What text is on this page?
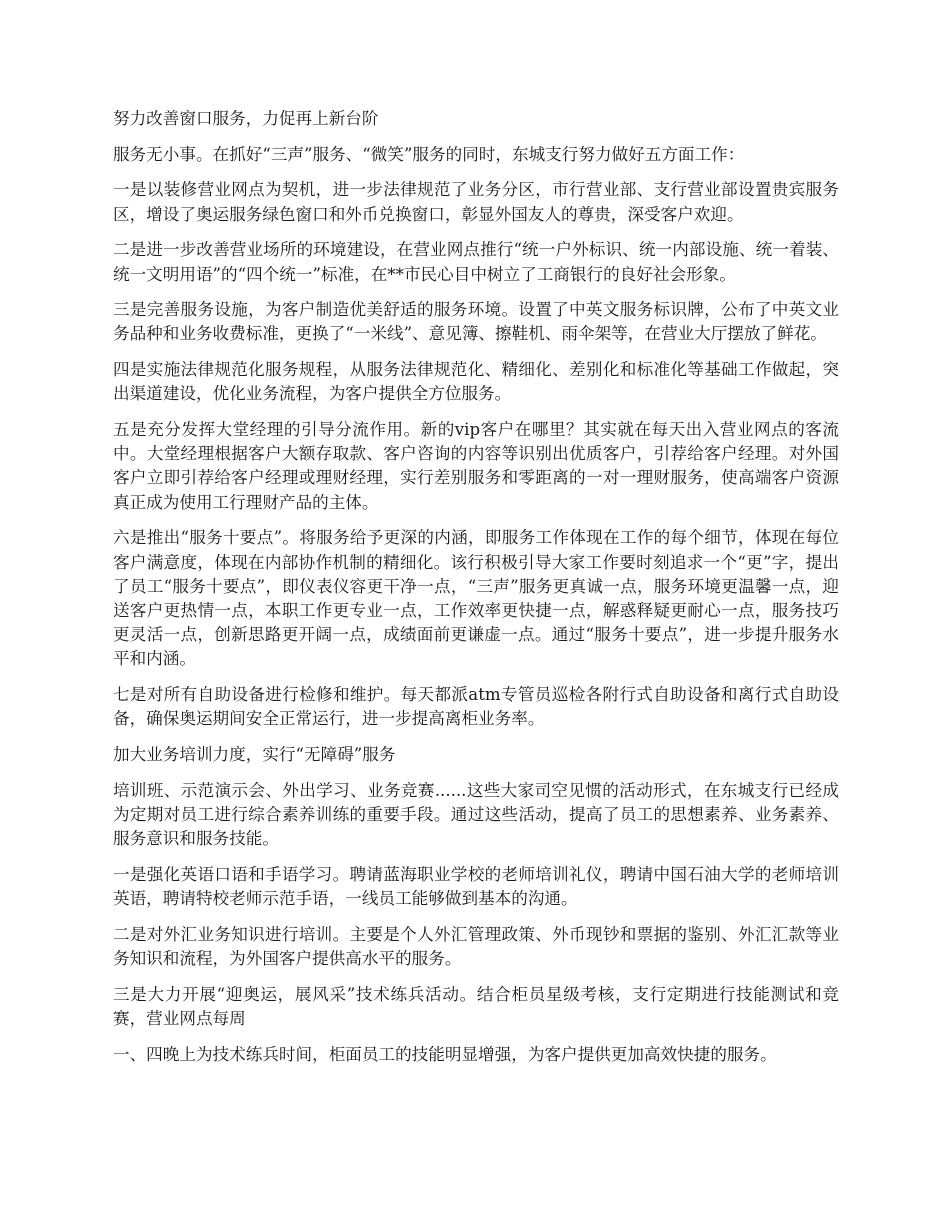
努力改善窗口服务，力促再上新台阶

服务无小事。在抓好“三声”服务、“微笑”服务的同时，东城支行努力做好五方面工作：

一是以装修营业网点为契机，进一步法律规范了业务分区，市行营业部、支行营业部设置贵宾服务区，增设了奥运服务绿色窗口和外币兑换窗口，彰显外国友人的尊贵，深受客户欢迎。

二是进一步改善营业场所的环境建设，在营业网点推行“统一户外标识、统一内部设施、统一着装、统一文明用语”的“四个统一”标准，在**市民心目中树立了工商银行的良好社会形象。

三是完善服务设施，为客户制造优美舒适的服务环境。设置了中英文服务标识牌，公布了中英文业务品种和业务收费标准，更换了“一米线”、意见簿、擦鞋机、雨伞架等，在营业大厅摆放了鲜花。

四是实施法律规范化服务规程，从服务法律规范化、精细化、差别化和标准化等基础工作做起，突出渠道建设，优化业务流程，为客户提供全方位服务。

五是充分发挥大堂经理的引导分流作用。新的vip客户在哪里？其实就在每天出入营业网点的客流中。大堂经理根据客户大额存取款、客户咨询的内容等识别出优质客户，引荐给客户经理。对外国客户立即引荐给客户经理或理财经理，实行差别服务和零距离的一对一理财服务，使高端客户资源真正成为使用工行理财产品的主体。

六是推出“服务十要点”。将服务给予更深的内涵，即服务工作体现在工作的每个细节，体现在每位客户满意度，体现在内部协作机制的精细化。该行积极引导大家工作要时刻追求一个“更”字，提出了员工“服务十要点”，即仪表仪容更干净一点，“三声”服务更真诚一点，服务环境更温馨一点，迎送客户更热情一点，本职工作更专业一点，工作效率更快捷一点，解惑释疑更耐心一点，服务技巧更灵活一点，创新思路更开阔一点，成绩面前更谦虚一点。通过“服务十要点”，进一步提升服务水平和内涵。

七是对所有自助设备进行检修和维护。每天都派atm专管员巡检各附行式自助设备和离行式自助设备，确保奥运期间安全正常运行，进一步提高离柜业务率。

加大业务培训力度，实行“无障碍”服务

培训班、示范演示会、外出学习、业务竞赛......这些大家司空见惯的活动形式，在东城支行已经成为定期对员工进行综合素养训练的重要手段。通过这些活动，提高了员工的思想素养、业务素养、服务意识和服务技能。

一是强化英语口语和手语学习。聘请蓝海职业学校的老师培训礼仪，聘请中国石油大学的老师培训英语，聘请特校老师示范手语，一线员工能够做到基本的沟通。

二是对外汇业务知识进行培训。主要是个人外汇管理政策、外币现钞和票据的鉴别、外汇汇款等业务知识和流程，为外国客户提供高水平的服务。

三是大力开展“迎奥运，展风采”技术练兵活动。结合柜员星级考核，支行定期进行技能测试和竞赛，营业网点每周

一、四晚上为技术练兵时间，柜面员工的技能明显增强，为客户提供更加高效快捷的服务。
